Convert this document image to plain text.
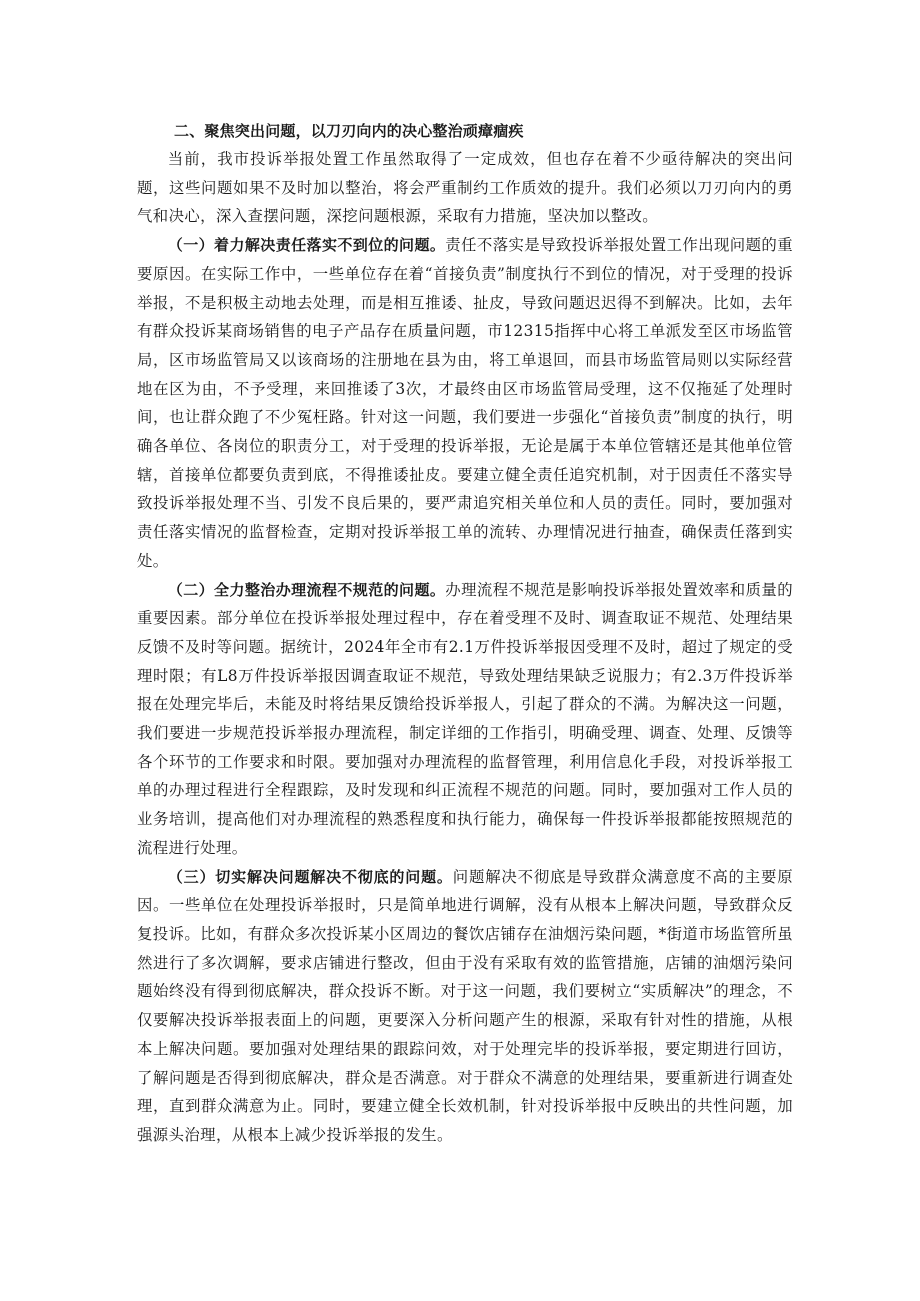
二、聚焦突出问题，以刀刃向内的决心整治顽瘴痼疾

当前，我市投诉举报处置工作虽然取得了一定成效，但也存在着不少亟待解决的突出问题，这些问题如果不及时加以整治，将会严重制约工作质效的提升。我们必须以刀刃向内的勇气和决心，深入查摆问题，深挖问题根源，采取有力措施，坚决加以整改。

（一）着力解决责任落实不到位的问题。责任不落实是导致投诉举报处置工作出现问题的重要原因。在实际工作中，一些单位存在着“首接负责”制度执行不到位的情况，对于受理的投诉举报，不是积极主动地去处理，而是相互推诿、扯皮，导致问题迟迟得不到解决。比如，去年有群众投诉某商场销售的电子产品存在质量问题，市12315指挥中心将工单派发至区市场监管局，区市场监管局又以该商场的注册地在县为由，将工单退回，而县市场监管局则以实际经营地在区为由，不予受理，来回推诿了3次，才最终由区市场监管局受理，这不仅拖延了处理时间，也让群众跑了不少冤枉路。针对这一问题，我们要进一步强化“首接负责”制度的执行，明确各单位、各岗位的职责分工，对于受理的投诉举报，无论是属于本单位管辖还是其他单位管辖，首接单位都要负责到底，不得推诿扯皮。要建立健全责任追究机制，对于因责任不落实导致投诉举报处理不当、引发不良后果的，要严肃追究相关单位和人员的责任。同时，要加强对责任落实情况的监督检查，定期对投诉举报工单的流转、办理情况进行抽查，确保责任落到实处。

（二）全力整治办理流程不规范的问题。办理流程不规范是影响投诉举报处置效率和质量的重要因素。部分单位在投诉举报处理过程中，存在着受理不及时、调查取证不规范、处理结果反馈不及时等问题。据统计，2024年全市有2.1万件投诉举报因受理不及时，超过了规定的受理时限；有L8万件投诉举报因调查取证不规范，导致处理结果缺乏说服力；有2.3万件投诉举报在处理完毕后，未能及时将结果反馈给投诉举报人，引起了群众的不满。为解决这一问题，我们要进一步规范投诉举报办理流程，制定详细的工作指引，明确受理、调查、处理、反馈等各个环节的工作要求和时限。要加强对办理流程的监督管理，利用信息化手段，对投诉举报工单的办理过程进行全程跟踪，及时发现和纠正流程不规范的问题。同时，要加强对工作人员的业务培训，提高他们对办理流程的熟悉程度和执行能力，确保每一件投诉举报都能按照规范的流程进行处理。

（三）切实解决问题解决不彻底的问题。问题解决不彻底是导致群众满意度不高的主要原因。一些单位在处理投诉举报时，只是简单地进行调解，没有从根本上解决问题，导致群众反复投诉。比如，有群众多次投诉某小区周边的餐饮店铺存在油烟污染问题，*街道市场监管所虽然进行了多次调解，要求店铺进行整改，但由于没有采取有效的监管措施，店铺的油烟污染问题始终没有得到彻底解决，群众投诉不断。对于这一问题，我们要树立“实质解决”的理念，不仅要解决投诉举报表面上的问题，更要深入分析问题产生的根源，采取有针对性的措施，从根本上解决问题。要加强对处理结果的跟踪问效，对于处理完毕的投诉举报，要定期进行回访，了解问题是否得到彻底解决，群众是否满意。对于群众不满意的处理结果，要重新进行调查处理，直到群众满意为止。同时，要建立健全长效机制，针对投诉举报中反映出的共性问题，加强源头治理，从根本上减少投诉举报的发生。
